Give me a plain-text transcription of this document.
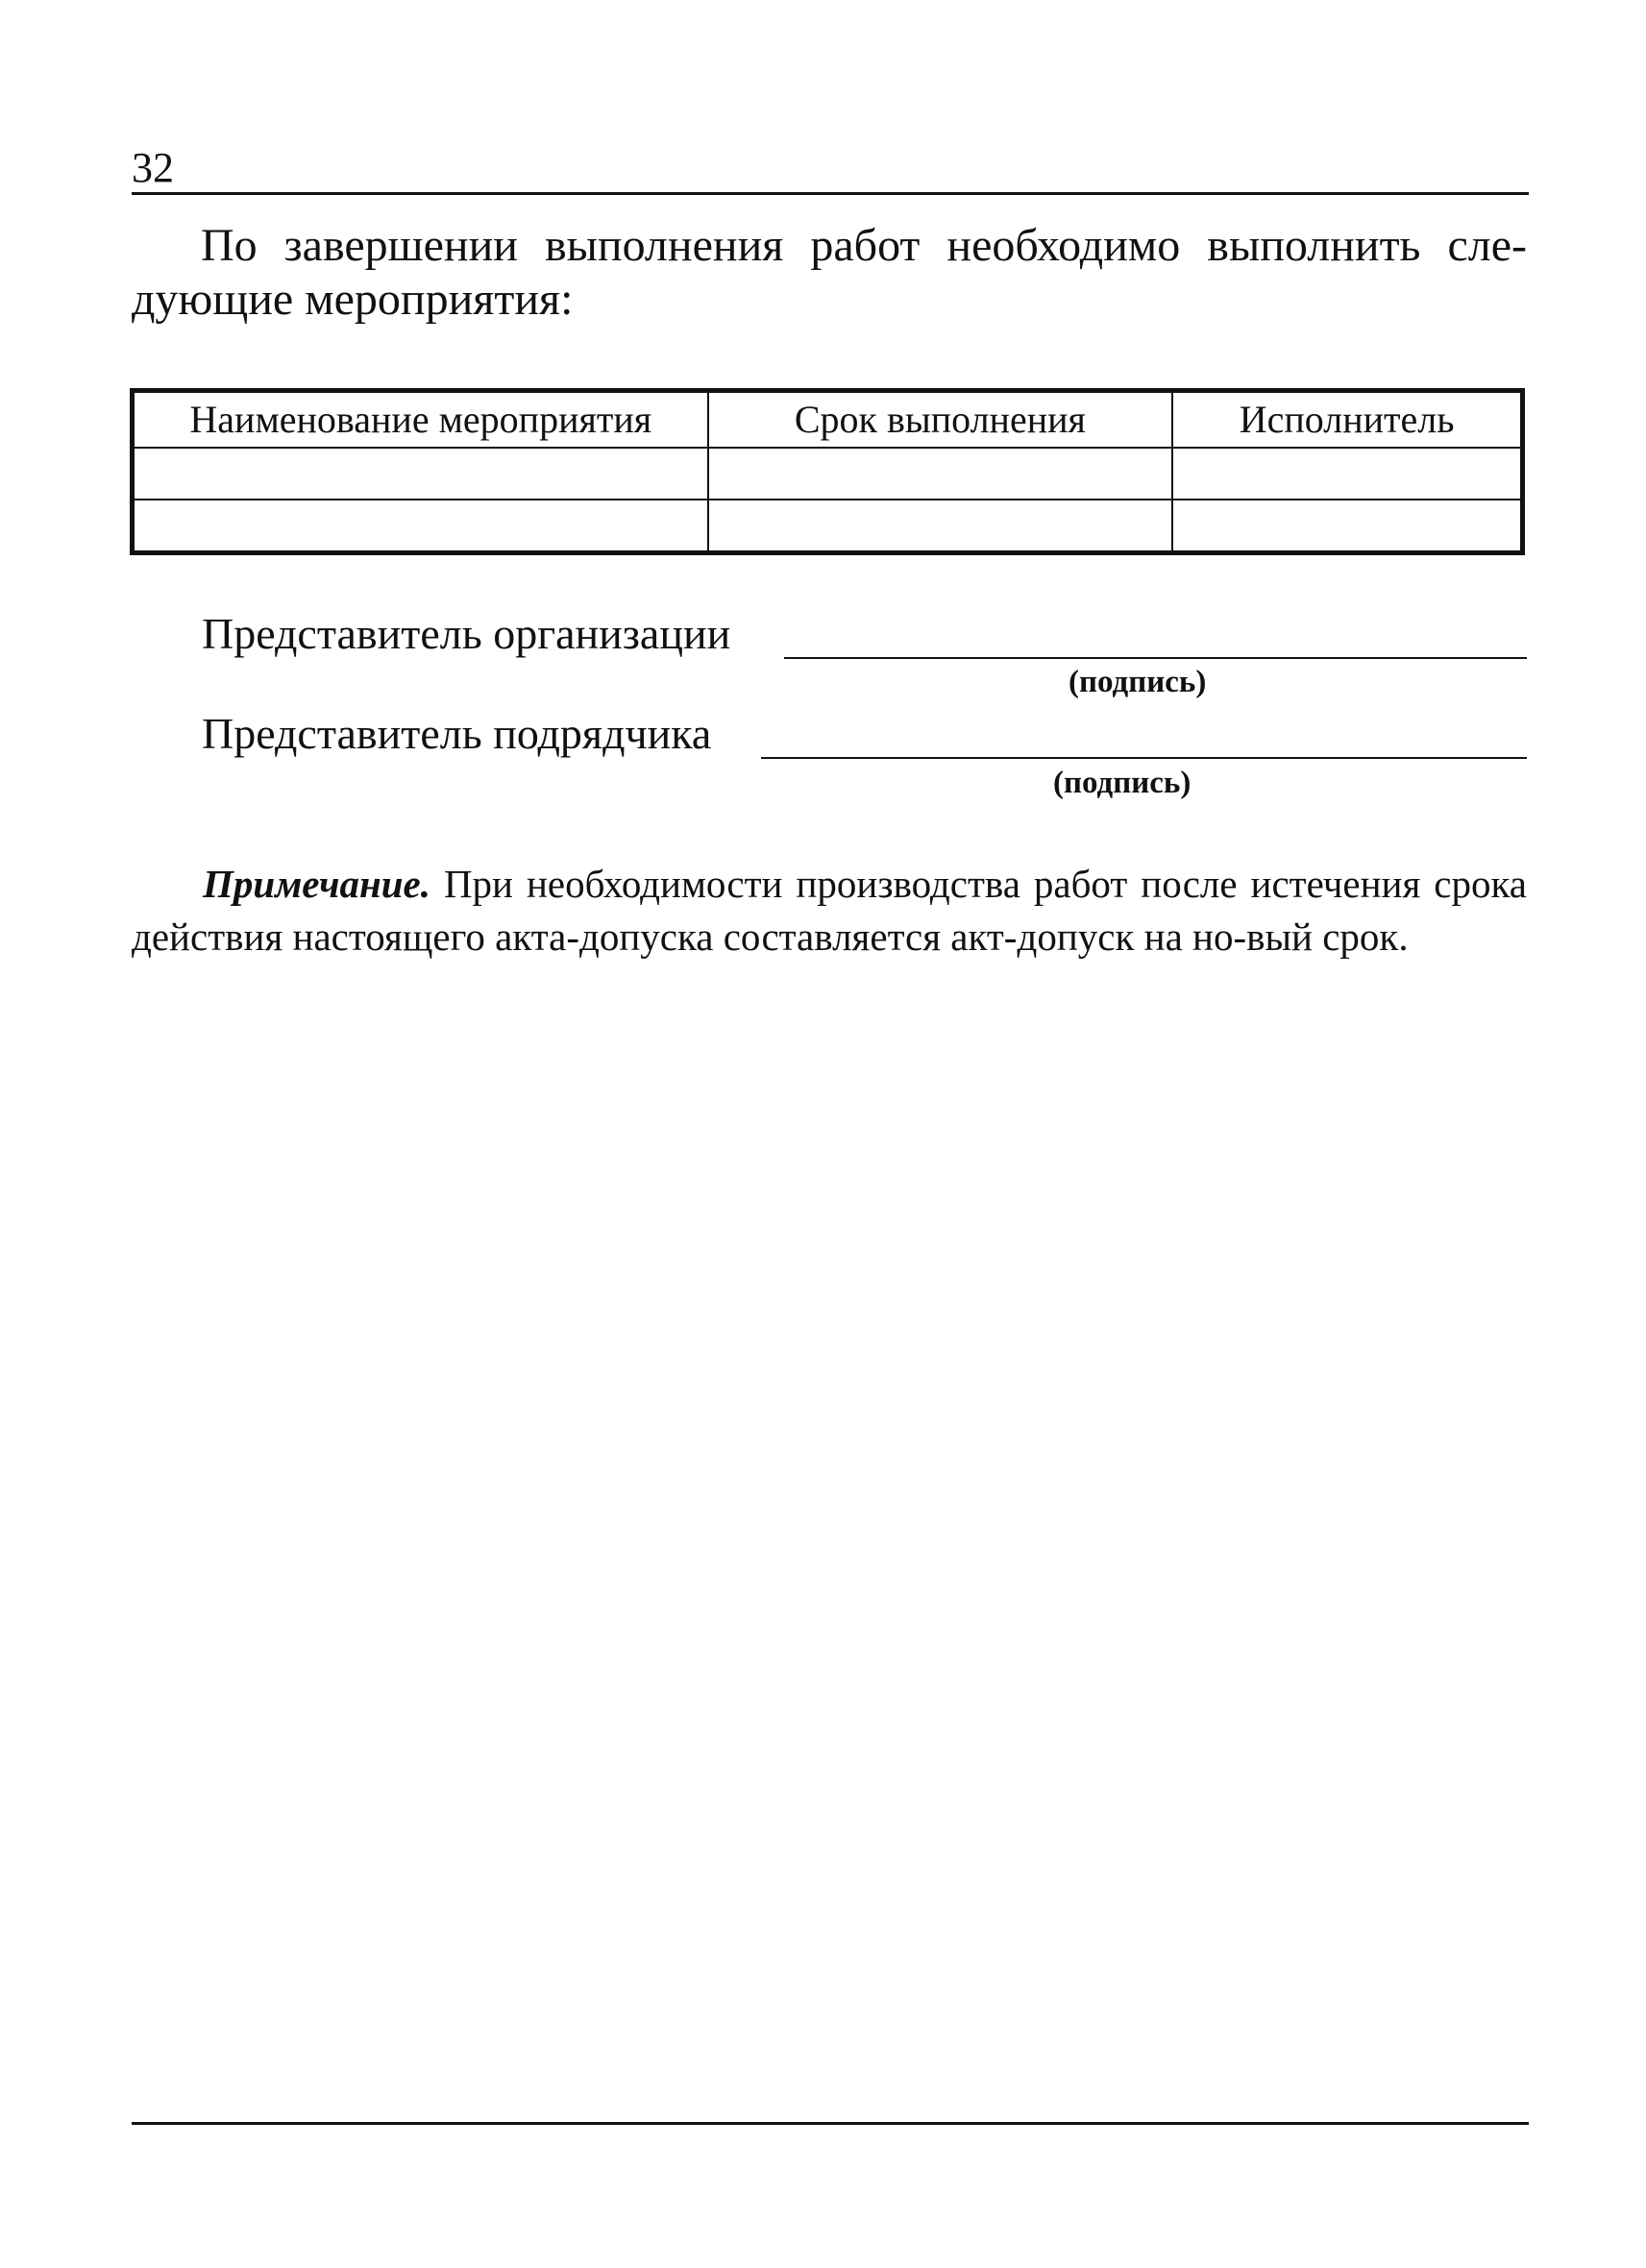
32

По завершении выполнения работ необходимо выполнить сле-дующие мероприятия:

Наименование мероприятия	Срок выполнения	Исполнитель

Представитель организации
(подпись)
Представитель подрядчика
(подпись)

Примечание. При необходимости производства работ после истечения срока действия настоящего акта-допуска составляется акт-допуск на но-вый срок.
